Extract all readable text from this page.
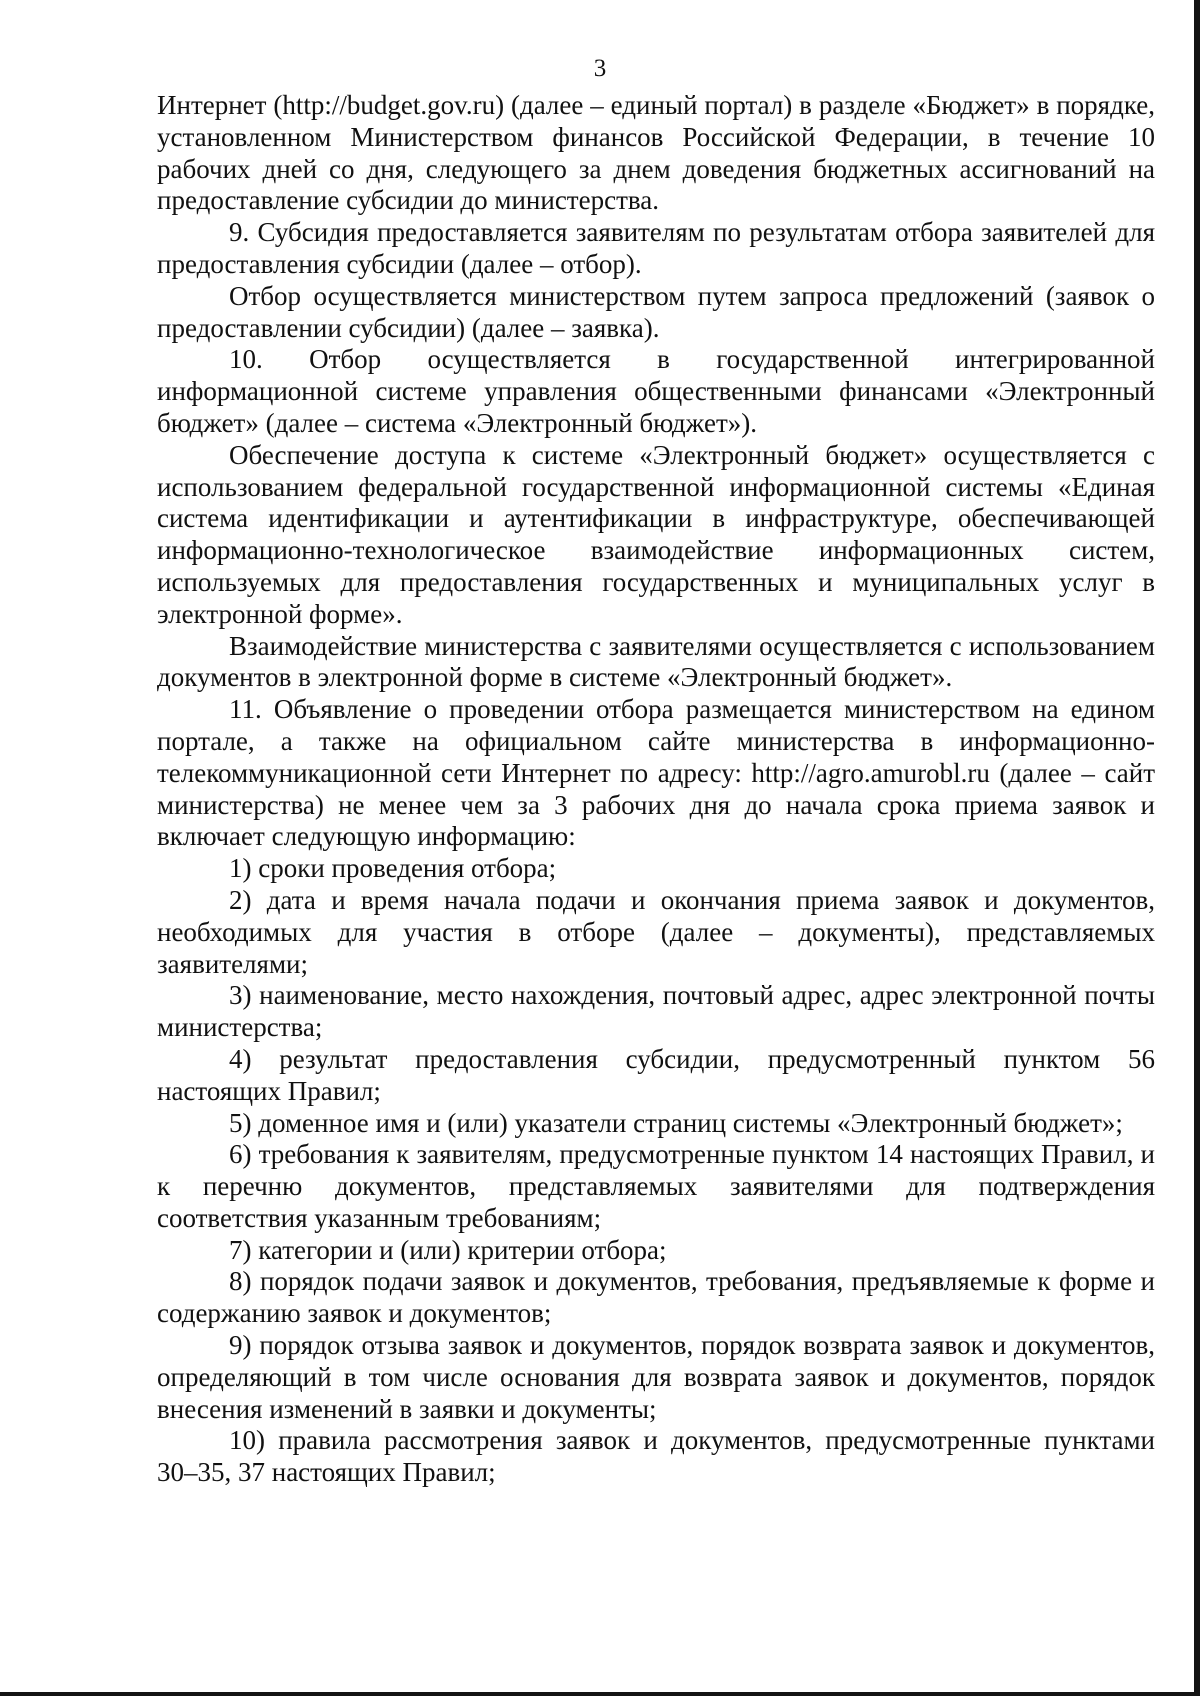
3

Интернет (http://budget.gov.ru) (далее – единый портал) в разделе «Бюджет» в порядке, установленном Министерством финансов Российской Федерации, в течение 10 рабочих дней со дня, следующего за днем доведения бюджетных ассигнований на предоставление субсидии до министерства.

9. Субсидия предоставляется заявителям по результатам отбора заявителей для предоставления субсидии (далее – отбор).

Отбор осуществляется министерством путем запроса предложений (заявок о предоставлении субсидии) (далее – заявка).

10. Отбор осуществляется в государственной интегрированной информационной системе управления общественными финансами «Электронный бюджет» (далее – система «Электронный бюджет»).

Обеспечение доступа к системе «Электронный бюджет» осуществляется с использованием федеральной государственной информационной системы «Единая система идентификации и аутентификации в инфраструктуре, обеспечивающей информационно-технологическое взаимодействие информационных систем, используемых для предоставления государственных и муниципальных услуг в электронной форме».

Взаимодействие министерства с заявителями осуществляется с использованием документов в электронной форме в системе «Электронный бюджет».

11. Объявление о проведении отбора размещается министерством на едином портале, а также на официальном сайте министерства в информационно-телекоммуникационной сети Интернет по адресу: http://agro.amurobl.ru (далее – сайт министерства) не менее чем за 3 рабочих дня до начала срока приема заявок и включает следующую информацию:

1) сроки проведения отбора;

2) дата и время начала подачи и окончания приема заявок и документов, необходимых для участия в отборе (далее – документы), представляемых заявителями;

3) наименование, место нахождения, почтовый адрес, адрес электронной почты министерства;

4) результат предоставления субсидии, предусмотренный пунктом 56 настоящих Правил;

5) доменное имя и (или) указатели страниц системы «Электронный бюджет»;

6) требования к заявителям, предусмотренные пунктом 14 настоящих Правил, и к перечню документов, представляемых заявителями для подтверждения соответствия указанным требованиям;

7) категории и (или) критерии отбора;

8) порядок подачи заявок и документов, требования, предъявляемые к форме и содержанию заявок и документов;

9) порядок отзыва заявок и документов, порядок возврата заявок и документов, определяющий в том числе основания для возврата заявок и документов, порядок внесения изменений в заявки и документы;

10) правила рассмотрения заявок и документов, предусмотренные пунктами 30–35, 37 настоящих Правил;
